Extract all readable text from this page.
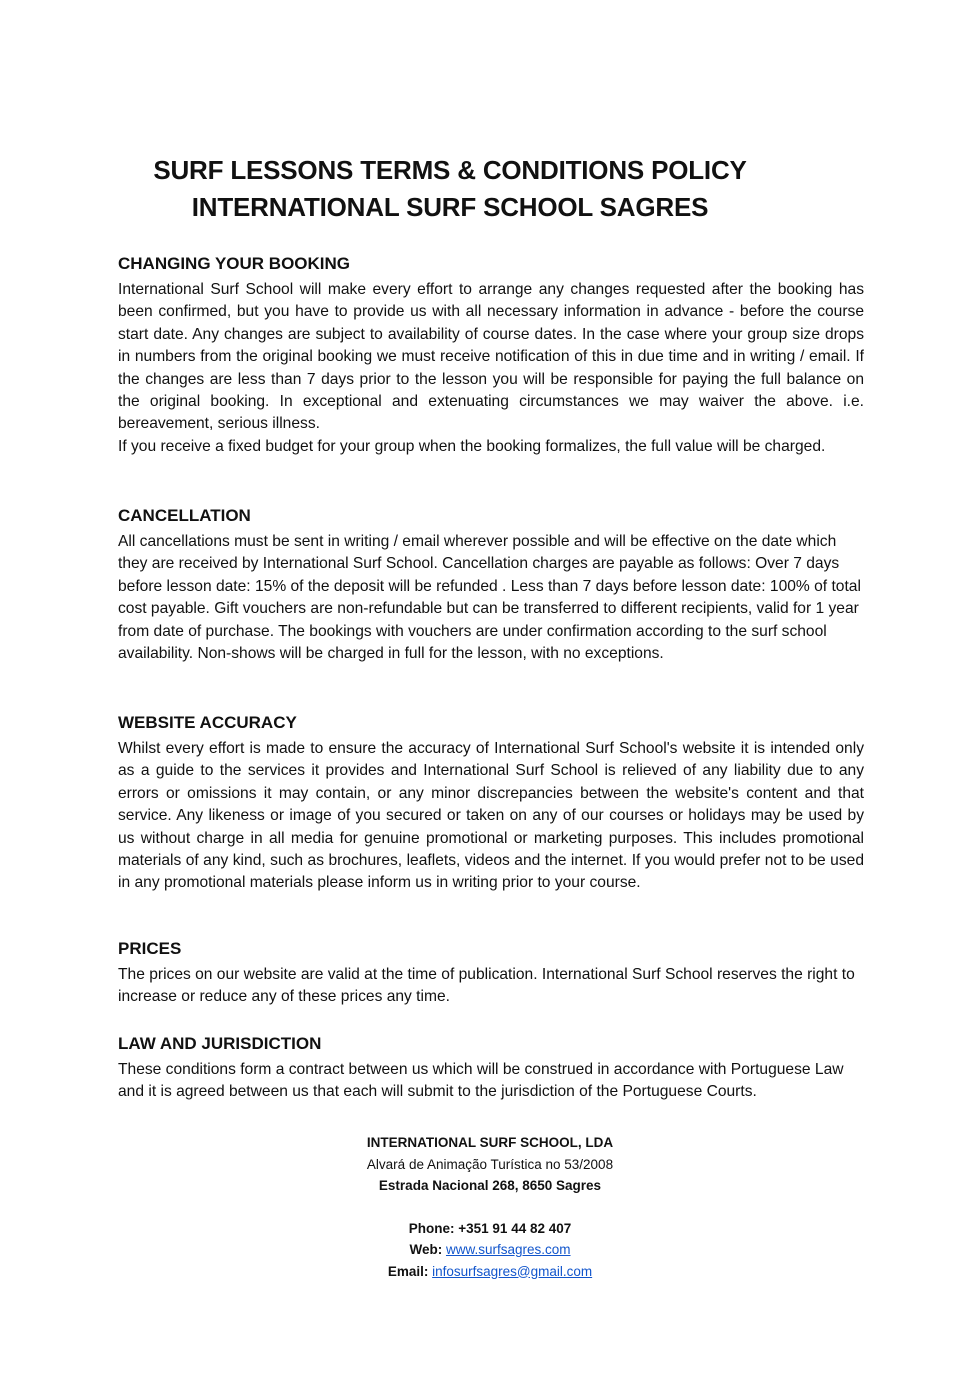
SURF LESSONS TERMS & CONDITIONS POLICY
INTERNATIONAL SURF SCHOOL SAGRES
CHANGING YOUR BOOKING

International Surf School will make every effort to arrange any changes requested after the booking has been confirmed, but you have to provide us with all necessary information in advance - before the course start date. Any changes are subject to availability of course dates. In the case where your group size drops in numbers from the original booking we must receive notification of this in due time and in writing / email. If the changes are less than 7 days prior to the lesson you will be responsible for paying the full balance on the original booking. In exceptional and extenuating circumstances we may waiver the above. i.e. bereavement, serious illness.

If you receive a fixed budget for your group when the booking formalizes, the full value will be charged.

CANCELLATION

All cancellations must be sent in writing / email wherever possible and will be effective on the date which they are received by International Surf School. Cancellation charges are payable as follows: Over 7 days before lesson date: 15% of the deposit will be refunded . Less than 7 days before lesson date: 100% of total cost payable. Gift vouchers are non-refundable but can be transferred to different recipients, valid for 1 year from date of purchase. The bookings with vouchers are under confirmation according to the surf school availability. Non-shows will be charged in full for the lesson, with no exceptions.

WEBSITE ACCURACY

Whilst every effort is made to ensure the accuracy of International Surf School's website it is intended only as a guide to the services it provides and International Surf School is relieved of any liability due to any errors or omissions it may contain, or any minor discrepancies between the website's content and that service. Any likeness or image of you secured or taken on any of our courses or holidays may be used by us without charge in all media for genuine promotional or marketing purposes. This includes promotional materials of any kind, such as brochures, leaflets, videos and the internet. If you would prefer not to be used in any promotional materials please inform us in writing prior to your course.

PRICES

The prices on our website are valid at the time of publication. International Surf School reserves the right to increase or reduce any of these prices any time.

LAW AND JURISDICTION

These conditions form a contract between us which will be construed in accordance with Portuguese Law and it is agreed between us that each will submit to the jurisdiction of the Portuguese Courts.

INTERNATIONAL SURF SCHOOL, LDA
Alvará de Animação Turística no 53/2008
Estrada Nacional 268, 8650 Sagres
Phone: +351 91 44 82 407
Web: www.surfsagres.com
Email: infosurfsagres@gmail.com
